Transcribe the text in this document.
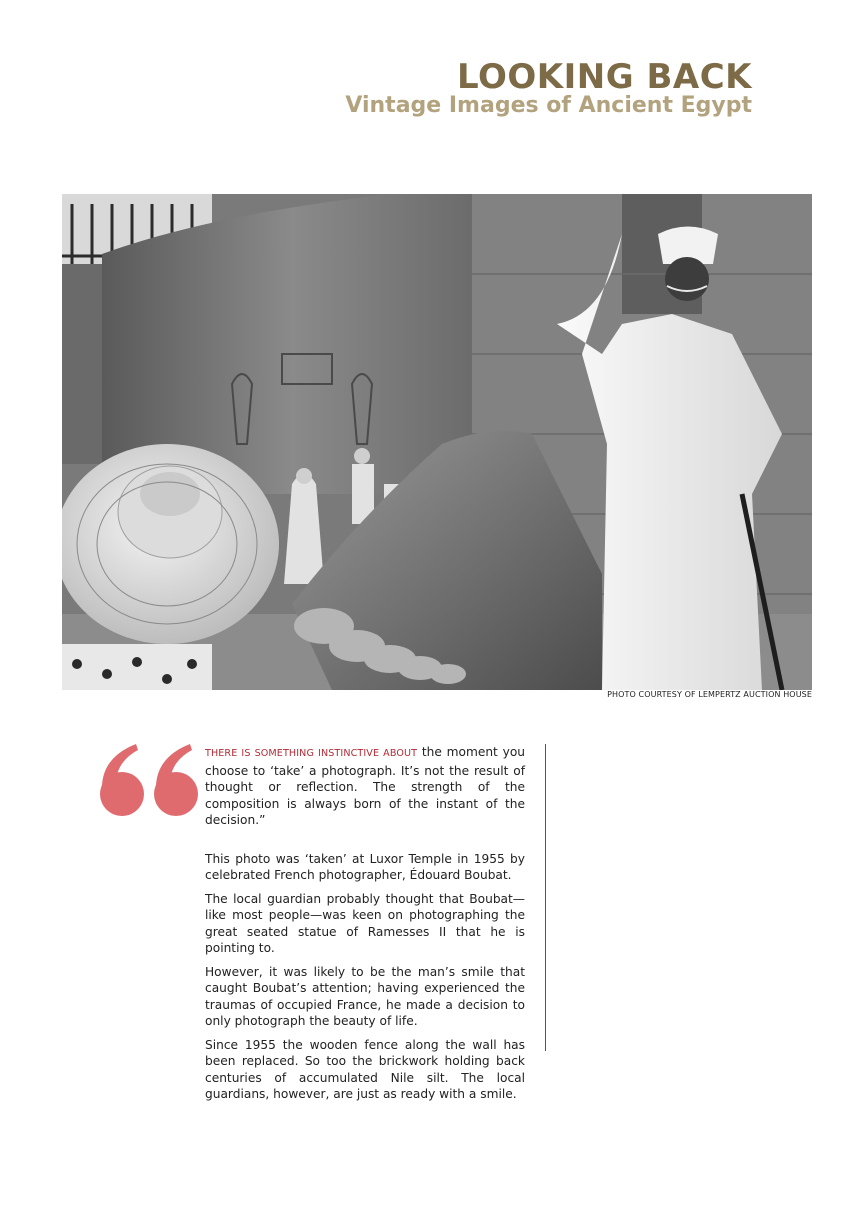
LOOKING BACK
Vintage Images of Ancient Egypt
PHOTO COURTESY OF LEMPERTZ AUCTION HOUSE

THERE IS SOMETHING INSTINCTIVE ABOUT the moment you choose to ‘take’ a photograph. It’s not the result of thought or reflection. The strength of the composition is always born of the instant of the decision.”

This photo was ‘taken’ at Luxor Temple in 1955 by celebrated French photographer, Édouard Boubat.

The local guardian probably thought that Boubat—like most people—was keen on photographing the great seated statue of Ramesses II that he is pointing to.

However, it was likely to be the man’s smile that caught Boubat’s attention; having experienced the traumas of occupied France, he made a decision to only photograph the beauty of life.

Since 1955 the wooden fence along the wall has been replaced. So too the brickwork holding back centuries of accumulated Nile silt. The local guardians, however, are just as ready with a smile.
